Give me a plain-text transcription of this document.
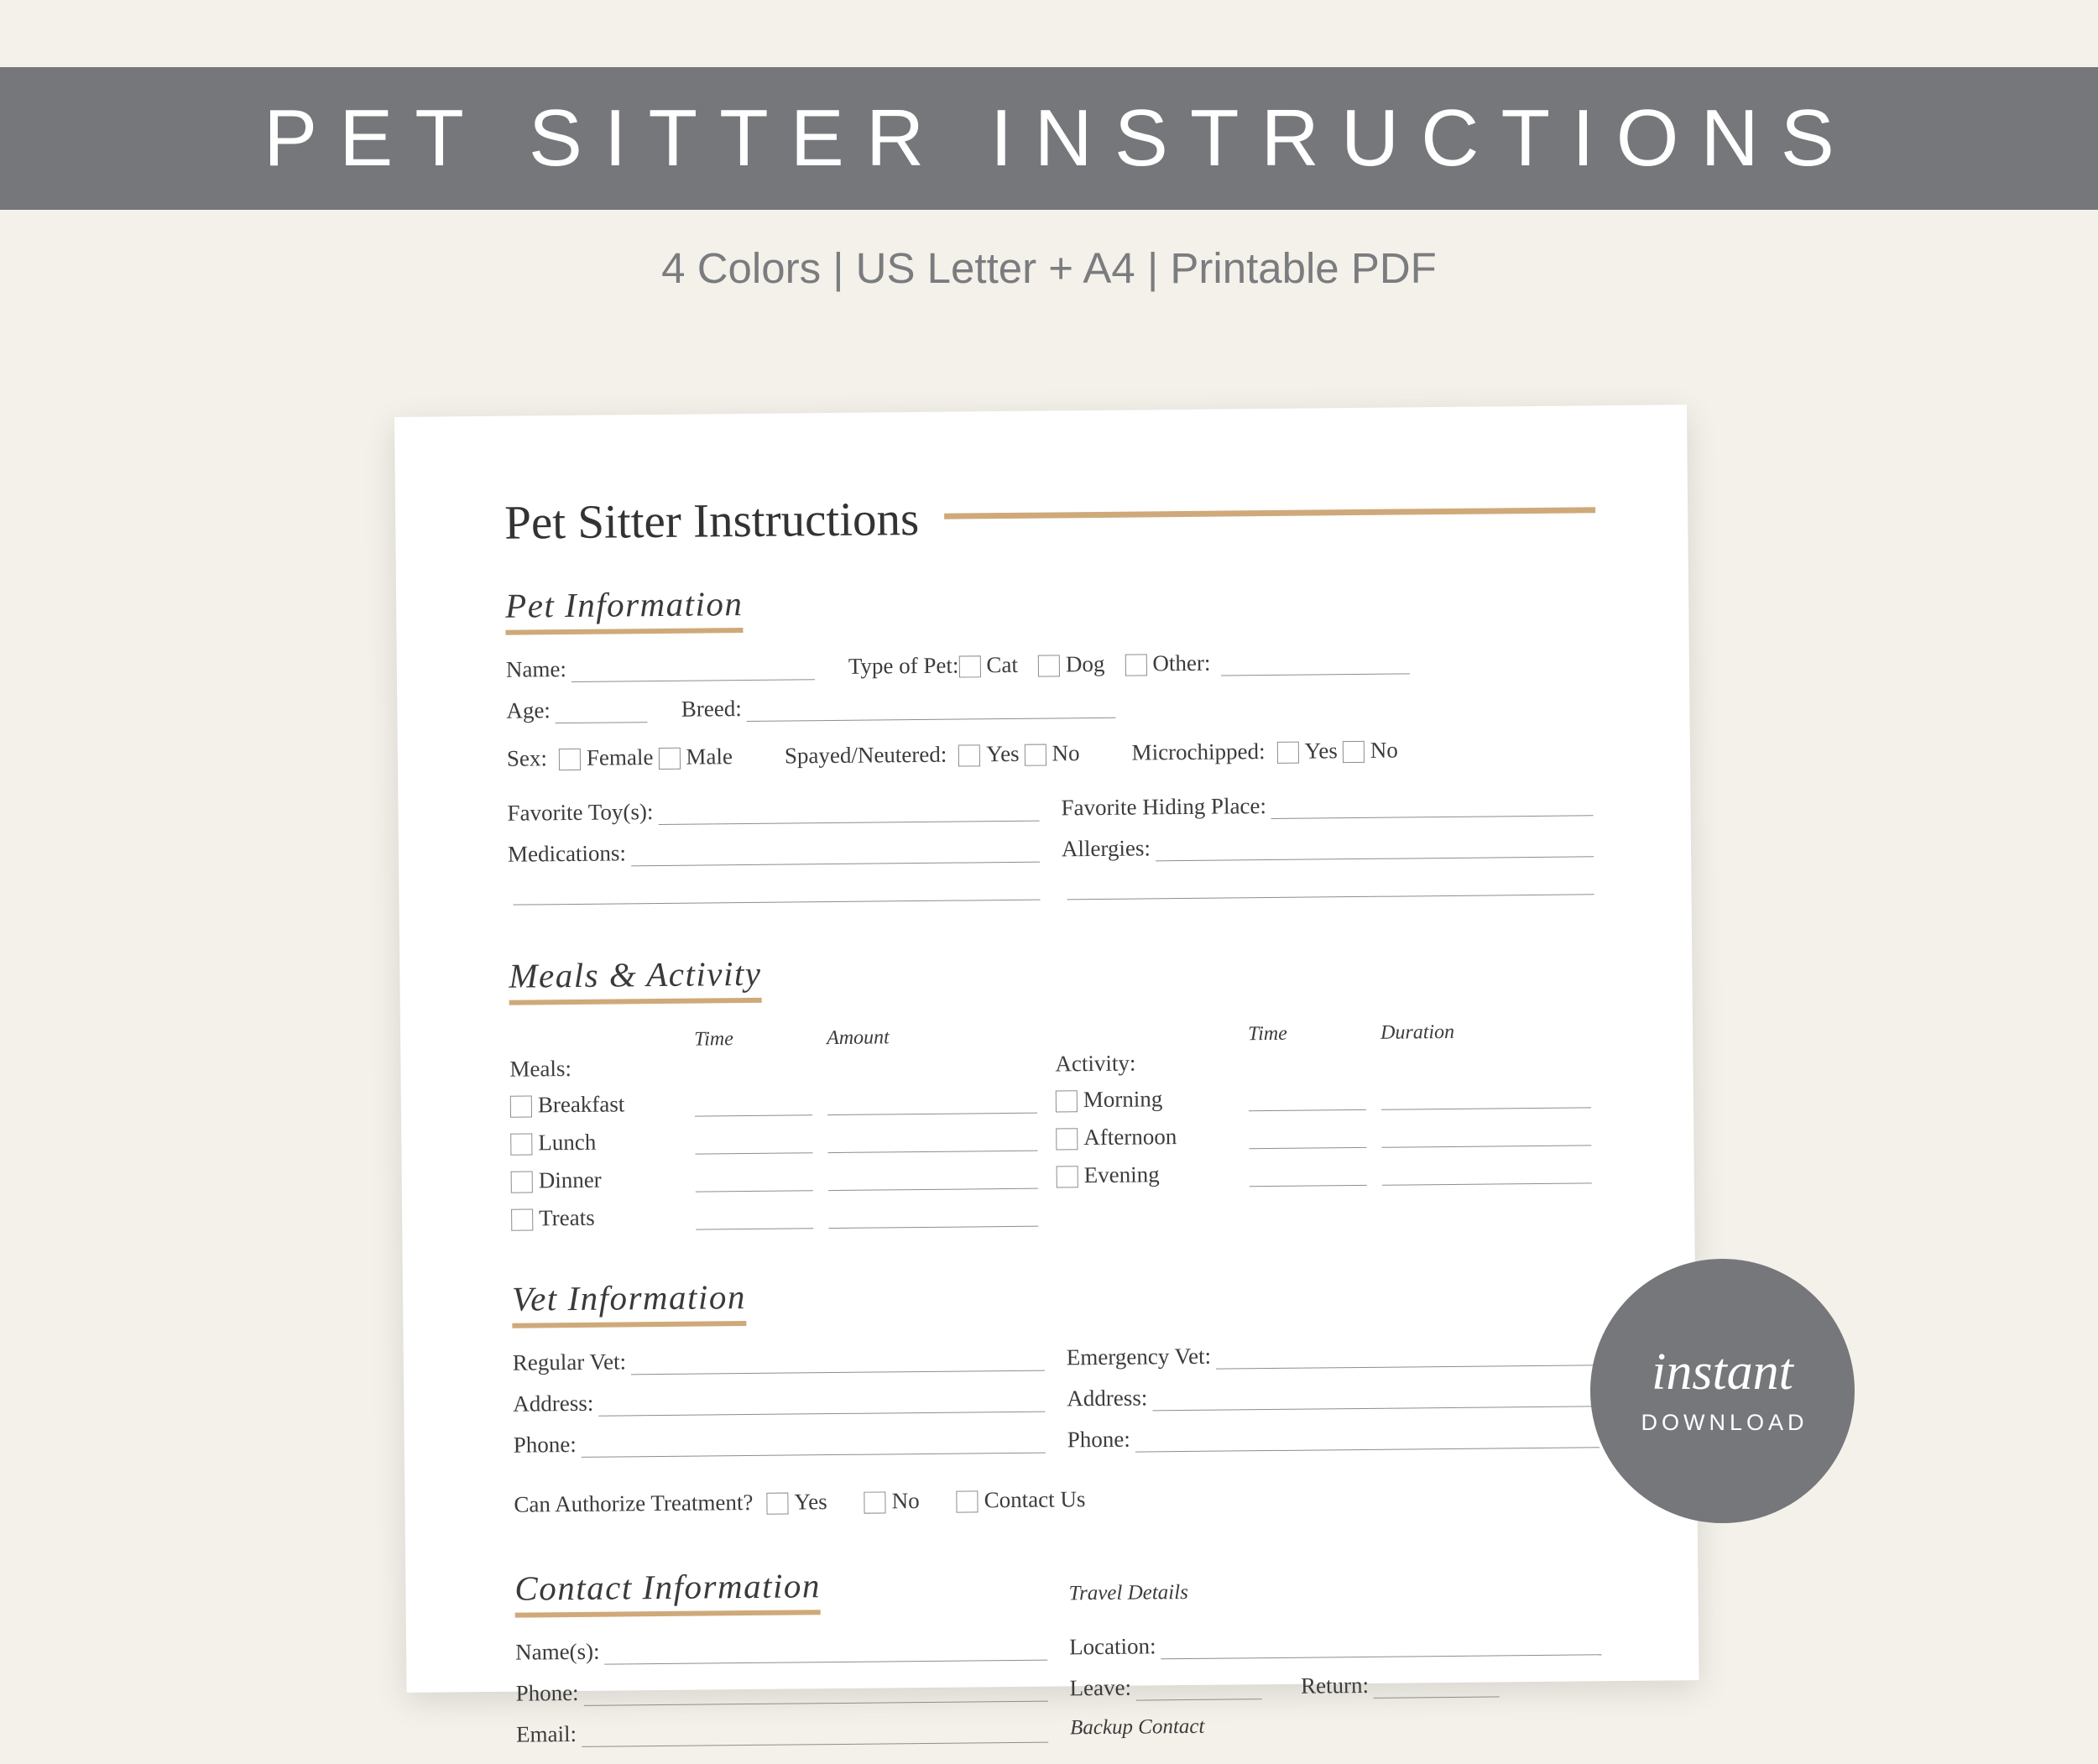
PET SITTER INSTRUCTIONS
4 Colors | US Letter + A4 | Printable PDF
Pet Sitter Instructions
Pet Information
Name:	Type of Pet: Cat Dog Other:
Age:	Breed:
Sex: Female Male Spayed/Neutered: Yes No Microchipped: Yes No
Favorite Toy(s):
Medications:
Favorite Hiding Place:
Allergies:
Meals & Activity
Time	Amount
Meals:
Breakfast
Lunch
Dinner
Treats
Time	Duration
Activity:
Morning
Afternoon
Evening
Vet Information
Regular Vet:
Address:
Phone:
Emergency Vet:
Address:
Phone:
Can Authorize Treatment? Yes	No	Contact Us
Contact Information	Travel Details
Name(s):
Phone:
Email:
Location:
Leave:	Return:
Backup Contact
instant
DOWNLOAD
